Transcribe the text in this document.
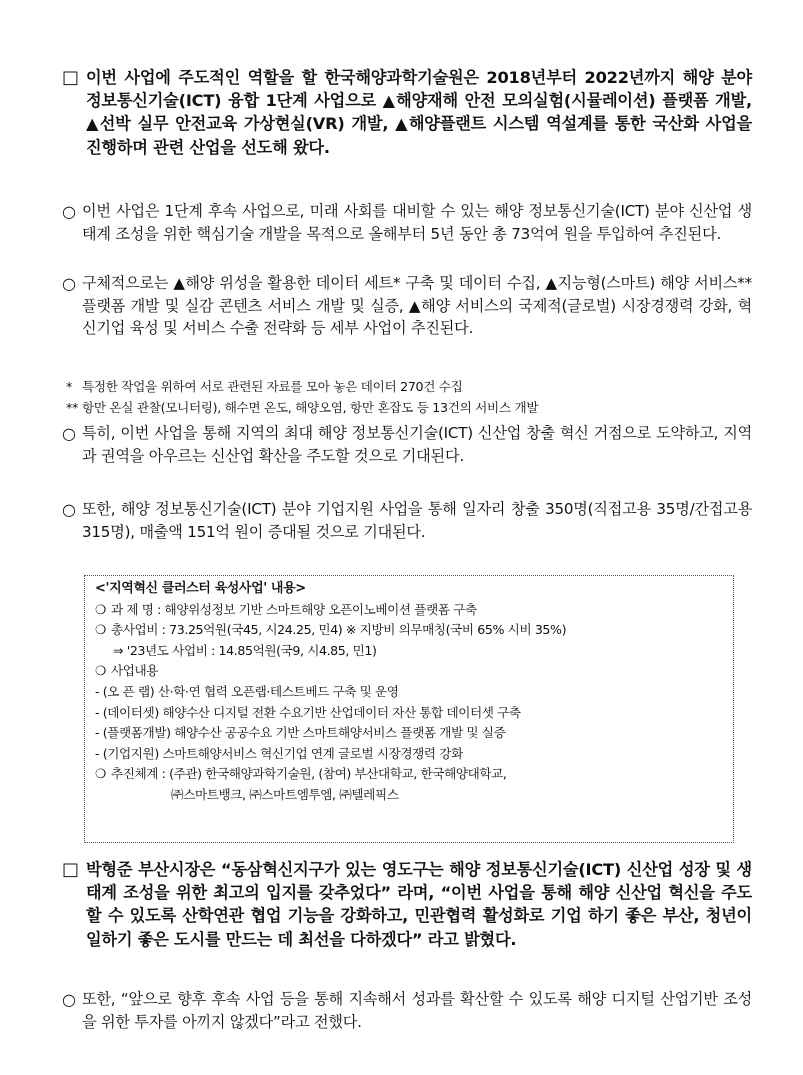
□ 이번 사업에 주도적인 역할을 할 한국해양과학기술원은 2018년부터 2022년까지 해양 분야 정보통신기술(ICT) 융합 1단계 사업으로 ▲해양재해 안전 모의실험(시뮬레이션) 플랫폼 개발, ▲선박 실무 안전교육 가상현실(VR) 개발, ▲해양플랜트 시스템 역설계를 통한 국산화 사업을 진행하며 관련 산업을 선도해 왔다.
○ 이번 사업은 1단계 후속 사업으로, 미래 사회를 대비할 수 있는 해양 정보통신기술(ICT) 분야 신산업 생태계 조성을 위한 핵심기술 개발을 목적으로 올해부터 5년 동안 총 73억여 원을 투입하여 추진된다.
○ 구체적으로는 ▲해양 위성을 활용한 데이터 세트* 구축 및 데이터 수집, ▲지능형(스마트) 해양 서비스** 플랫폼 개발 및 실감 콘텐츠 서비스 개발 및 실증, ▲해양 서비스의 국제적(글로벌) 시장경쟁력 강화, 혁신기업 육성 및 서비스 수출 전략화 등 세부 사업이 추진된다.
* 특정한 작업을 위하여 서로 관련된 자료를 모아 놓은 데이터 270건 수집
** 항만 온실 관찰(모니터링), 해수면 온도, 해양오염, 항만 혼잡도 등 13건의 서비스 개발
○ 특히, 이번 사업을 통해 지역의 최대 해양 정보통신기술(ICT) 신산업 창출 혁신 거점으로 도약하고, 지역과 권역을 아우르는 신산업 확산을 주도할 것으로 기대된다.
○ 또한, 해양 정보통신기술(ICT) 분야 기업지원 사업을 통해 일자리 창출 350명(직접고용 35명/간접고용 315명), 매출액 151억 원이 증대될 것으로 기대된다.
<'지역혁신 클러스터 육성사업' 내용>
❍ 과 제 명 : 해양위성정보 기반 스마트해양 오픈이노베이션 플랫폼 구축
❍ 총사업비 : 73.25억원(국45, 시24.25, 민4) ※ 지방비 의무매칭(국비 65% 시비 35%)
⇒ '23년도 사업비 : 14.85억원(국9, 시4.85, 민1)
❍ 사업내용
- (오 픈 랩) 산·학·연 협력 오픈랩·테스트베드 구축 및 운영
- (데이터셋) 해양수산 디지털 전환 수요기반 산업데이터 자산 통합 데이터셋 구축
- (플랫폼개발) 해양수산 공공수요 기반 스마트해양서비스 플랫폼 개발 및 실증
- (기업지원) 스마트해양서비스 혁신기업 연계 글로벌 시장경쟁력 강화
❍ 추진체계 : (주관) 한국해양과학기술원, (참여) 부산대학교, 한국해양대학교,
㈜스마트뱅크, ㈜스마트엠투엠, ㈜텔레픽스
□ 박형준 부산시장은 “동삼혁신지구가 있는 영도구는 해양 정보통신기술(ICT) 신산업 성장 및 생태계 조성을 위한 최고의 입지를 갖추었다” 라며, “이번 사업을 통해 해양 신산업 혁신을 주도할 수 있도록 산학연관 협업 기능을 강화하고, 민관협력 활성화로 기업 하기 좋은 부산, 청년이 일하기 좋은 도시를 만드는 데 최선을 다하겠다” 라고 밝혔다.
○ 또한, “앞으로 향후 후속 사업 등을 통해 지속해서 성과를 확산할 수 있도록 해양 디지털 산업기반 조성을 위한 투자를 아끼지 않겠다”라고 전했다.
